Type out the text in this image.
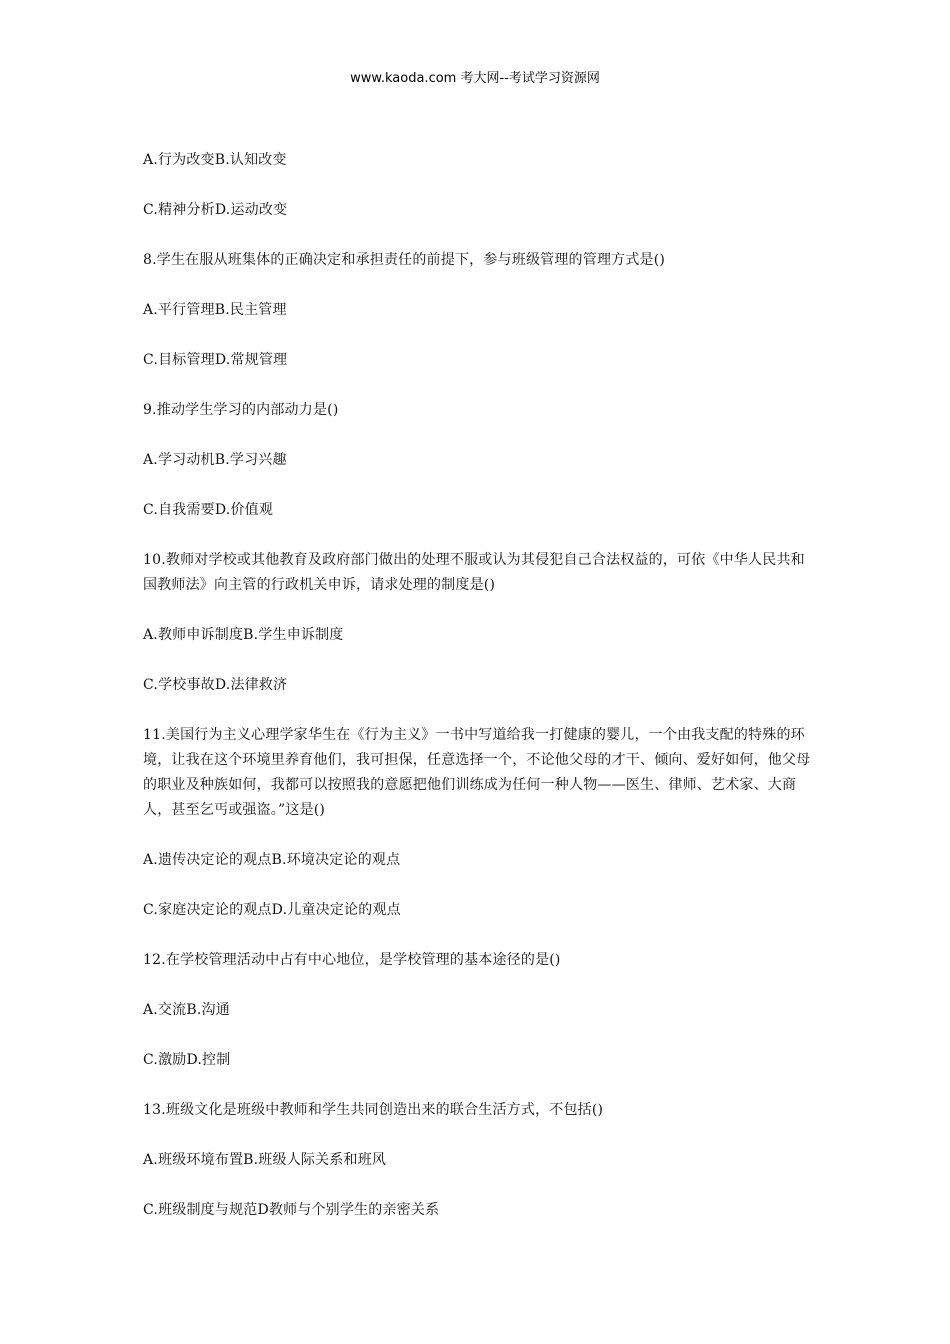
www.kaoda.com 考大网--考试学习资源网

A.行为改变B.认知改变

C.精神分析D.运动改变

8.学生在服从班集体的正确决定和承担责任的前提下，参与班级管理的管理方式是()

A.平行管理B.民主管理

C.目标管理D.常规管理

9.推动学生学习的内部动力是()

A.学习动机B.学习兴趣

C.自我需要D.价值观

10.教师对学校或其他教育及政府部门做出的处理不服或认为其侵犯自己合法权益的，可依《中华人民共和国教师法》向主管的行政机关申诉，请求处理的制度是()

A.教师申诉制度B.学生申诉制度

C.学校事故D.法律救济

11.美国行为主义心理学家华生在《行为主义》一书中写道给我一打健康的婴儿，一个由我支配的特殊的环境，让我在这个环境里养育他们，我可担保，任意选择一个，不论他父母的才干、倾向、爱好如何，他父母的职业及种族如何，我都可以按照我的意愿把他们训练成为任何一种人物——医生、律师、艺术家、大商人，甚至乞丐或强盗。”这是()

A.遗传决定论的观点B.环境决定论的观点

C.家庭决定论的观点D.儿童决定论的观点

12.在学校管理活动中占有中心地位，是学校管理的基本途径的是()

A.交流B.沟通

C.激励D.控制

13.班级文化是班级中教师和学生共同创造出来的联合生活方式，不包括()

A.班级环境布置B.班级人际关系和班风

C.班级制度与规范D教师与个别学生的亲密关系
